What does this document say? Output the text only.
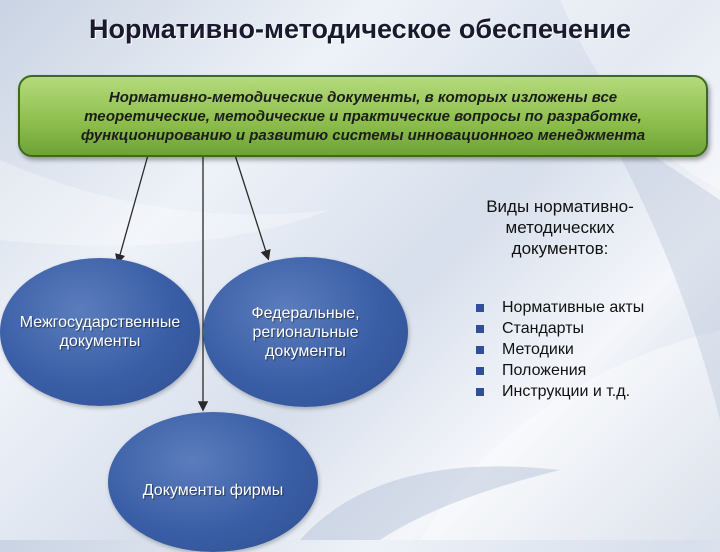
Нормативно-методическое обеспечение
Нормативно-методические документы, в которых изложены все
теоретические, методические и практические вопросы по разработке,
функционированию и развитию системы инновационного менеджмента
Межгосударственные
документы
Федеральные,
региональные
документы
Документы фирмы
Виды нормативно-
методических
документов:
Нормативные акты
Стандарты
Методики
Положения
Инструкции и т.д.
